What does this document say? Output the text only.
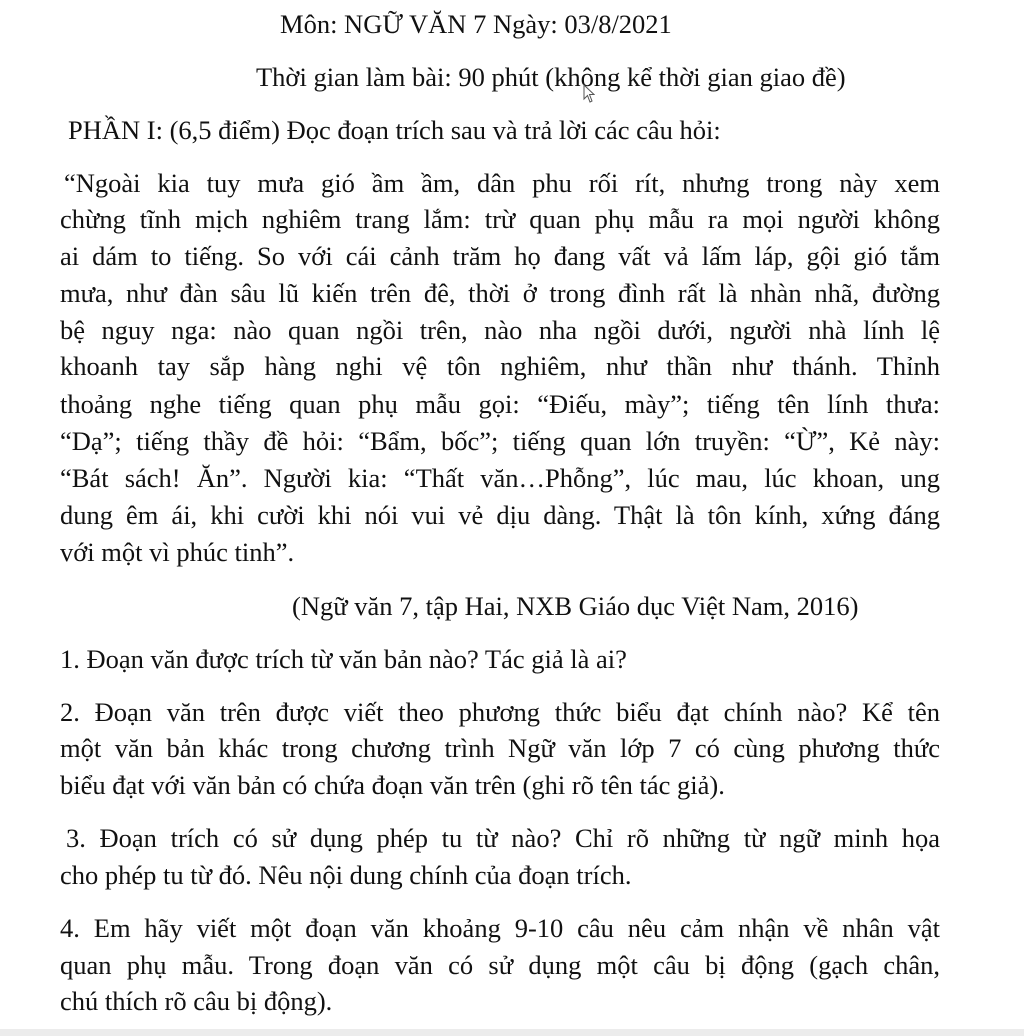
Môn: NGỮ VĂN 7 Ngày: 03/8/2021
Thời gian làm bài: 90 phút (không kể thời gian giao đề)
PHẦN I: (6,5 điểm) Đọc đoạn trích sau và trả lời các câu hỏi:
“Ngoài kia tuy mưa gió ầm ầm, dân phu rối rít, nhưng trong này xem
chừng tĩnh mịch nghiêm trang lắm: trừ quan phụ mẫu ra mọi người không
ai dám to tiếng. So với cái cảnh trăm họ đang vất vả lấm láp, gội gió tắm
mưa, như đàn sâu lũ kiến trên đê, thời ở trong đình rất là nhàn nhã, đường
bệ nguy nga: nào quan ngồi trên, nào nha ngồi dưới, người nhà lính lệ
khoanh tay sắp hàng nghi vệ tôn nghiêm, như thần như thánh. Thỉnh
thoảng nghe tiếng quan phụ mẫu gọi: “Điếu, mày”; tiếng tên lính thưa:
“Dạ”; tiếng thầy đề hỏi: “Bẩm, bốc”; tiếng quan lớn truyền: “Ừ”, Kẻ này:
“Bát sách! Ăn”. Người kia: “Thất văn…Phỗng”, lúc mau, lúc khoan, ung
dung êm ái, khi cười khi nói vui vẻ dịu dàng. Thật là tôn kính, xứng đáng
với một vì phúc tinh”.
(Ngữ văn 7, tập Hai, NXB Giáo dục Việt Nam, 2016)
1. Đoạn văn được trích từ văn bản nào? Tác giả là ai?
2. Đoạn văn trên được viết theo phương thức biểu đạt chính nào? Kể tên
một văn bản khác trong chương trình Ngữ văn lớp 7 có cùng phương thức
biểu đạt với văn bản có chứa đoạn văn trên (ghi rõ tên tác giả).
3. Đoạn trích có sử dụng phép tu từ nào? Chỉ rõ những từ ngữ minh họa
cho phép tu từ đó. Nêu nội dung chính của đoạn trích.
4. Em hãy viết một đoạn văn khoảng 9-10 câu nêu cảm nhận về nhân vật
quan phụ mẫu. Trong đoạn văn có sử dụng một câu bị động (gạch chân,
chú thích rõ câu bị động).
